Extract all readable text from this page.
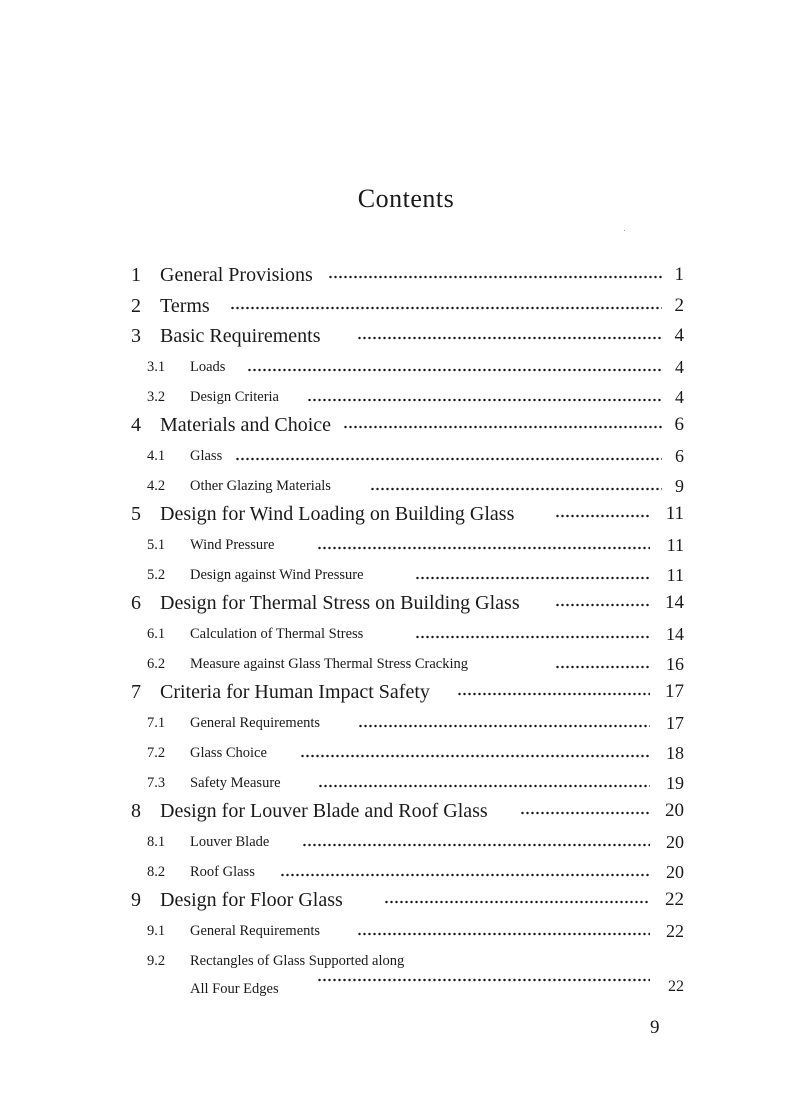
Contents
1 General Provisions	1
2 Terms	2
3 Basic Requirements	4
3.1 Loads	4
3.2 Design Criteria	4
4 Materials and Choice	6
4.1 Glass	6
4.2 Other Glazing Materials	9
5 Design for Wind Loading on Building Glass	11
5.1 Wind Pressure	11
5.2 Design against Wind Pressure	11
6 Design for Thermal Stress on Building Glass	14
6.1 Calculation of Thermal Stress	14
6.2 Measure against Glass Thermal Stress Cracking	16
7 Criteria for Human Impact Safety	17
7.1 General Requirements	17
7.2 Glass Choice	18
7.3 Safety Measure	19
8 Design for Louver Blade and Roof Glass	20
8.1 Louver Blade	20
8.2 Roof Glass	20
9 Design for Floor Glass	22
9.1 General Requirements	22
9.2 Rectangles of Glass Supported along
All Four Edges	22
9
